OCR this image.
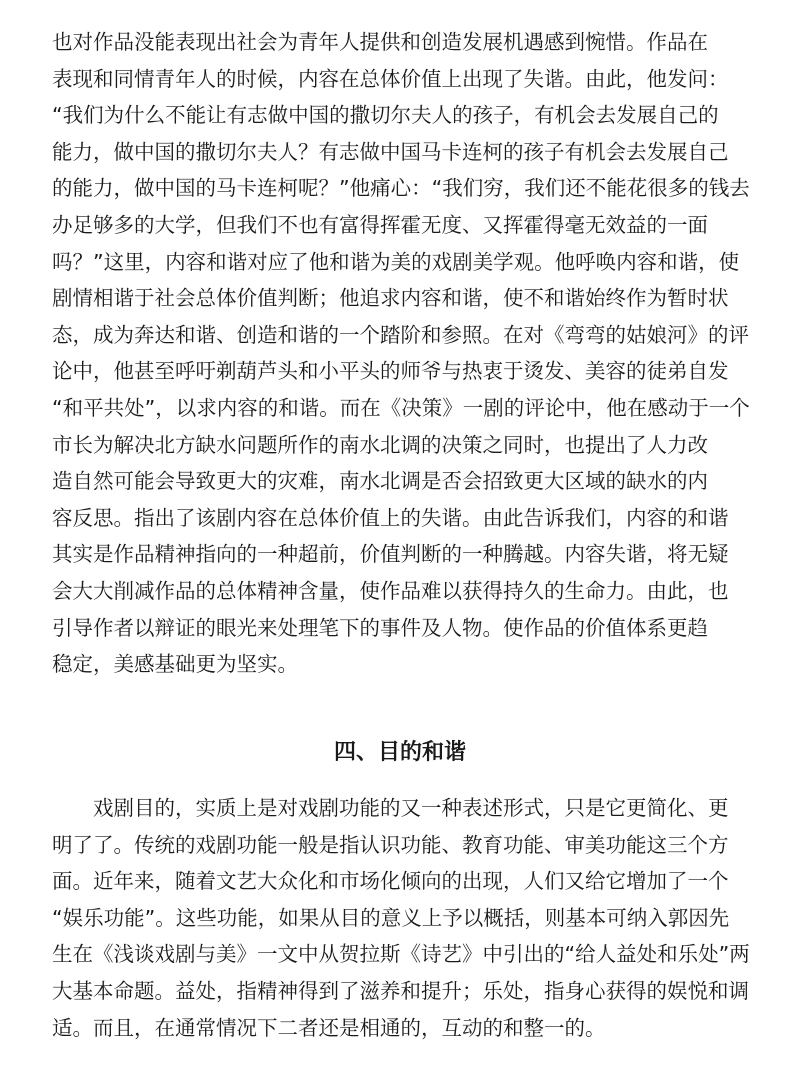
也对作品没能表现出社会为青年人提供和创造发展机遇感到惋惜。作品在
表现和同情青年人的时候，内容在总体价值上出现了失谐。由此，他发问：
“我们为什么不能让有志做中国的撒切尔夫人的孩子，有机会去发展自己的
能力，做中国的撒切尔夫人？有志做中国马卡连柯的孩子有机会去发展自己
的能力，做中国的马卡连柯呢？”他痛心：“我们穷，我们还不能花很多的钱去
办足够多的大学，但我们不也有富得挥霍无度、又挥霍得毫无效益的一面
吗？”这里，内容和谐对应了他和谐为美的戏剧美学观。他呼唤内容和谐，使
剧情相谐于社会总体价值判断；他追求内容和谐，使不和谐始终作为暂时状
态，成为奔达和谐、创造和谐的一个踏阶和参照。在对《弯弯的姑娘河》的评
论中，他甚至呼吁剃葫芦头和小平头的师爷与热衷于烫发、美容的徒弟自发
“和平共处”，以求内容的和谐。而在《决策》一剧的评论中，他在感动于一个
市长为解决北方缺水问题所作的南水北调的决策之同时，也提出了人力改
造自然可能会导致更大的灾难，南水北调是否会招致更大区域的缺水的内
容反思。指出了该剧内容在总体价值上的失谐。由此告诉我们，内容的和谐
其实是作品精神指向的一种超前，价值判断的一种腾越。内容失谐，将无疑
会大大削减作品的总体精神含量，使作品难以获得持久的生命力。由此，也
引导作者以辩证的眼光来处理笔下的事件及人物。使作品的价值体系更趋
稳定，美感基础更为坚实。
四、目的和谐
戏剧目的，实质上是对戏剧功能的又一种表述形式，只是它更简化、更
明了了。传统的戏剧功能一般是指认识功能、教育功能、审美功能这三个方
面。近年来，随着文艺大众化和市场化倾向的出现，人们又给它增加了一个
“娱乐功能”。这些功能，如果从目的意义上予以概括，则基本可纳入郭因先
生在《浅谈戏剧与美》一文中从贺拉斯《诗艺》中引出的“给人益处和乐处”两
大基本命题。益处，指精神得到了滋养和提升；乐处，指身心获得的娱悦和调
适。而且，在通常情况下二者还是相通的，互动的和整一的。
